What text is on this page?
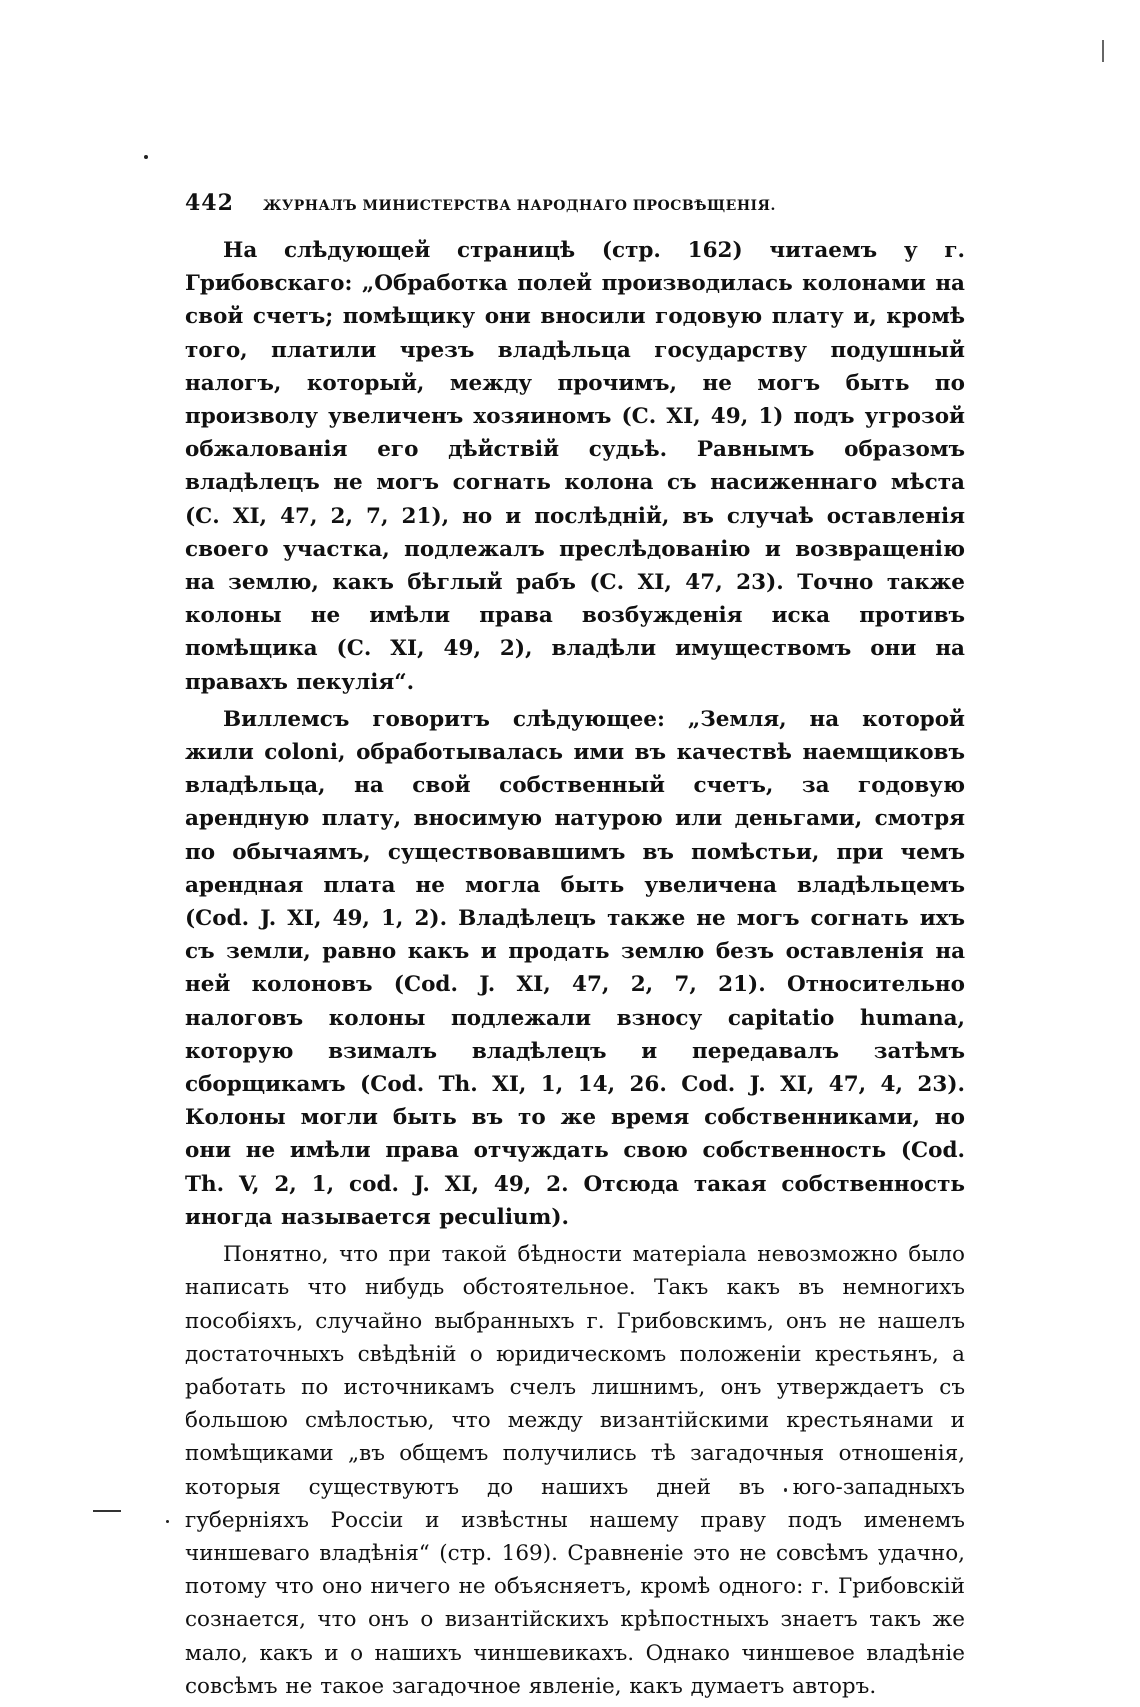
442	ЖУРНАЛЪ МИНИСТЕРСТВА НАРОДНАГО ПРОСВѢЩЕНІЯ.

На слѣдующей страницѣ (стр. 162) читаемъ у г. Грибовскаго: „Обработка полей производилась колонами на свой счетъ; помѣщику они вносили годовую плату и, кромѣ того, платили чрезъ владѣльца государству подушный налогъ, который, между прочимъ, не могъ быть по произволу увеличенъ хозяиномъ (С. XI, 49, 1) подъ угрозой обжалованія его дѣйствій судьѣ. Равнымъ образомъ владѣлецъ не могъ согнать колона съ насиженнаго мѣста (С. XI, 47, 2, 7, 21), но и послѣдній, въ случаѣ оставленія своего участка, подлежалъ преслѣдованію и возвращенію на землю, какъ бѣглый рабъ (С. XI, 47, 23). Точно также колоны не имѣли права возбужденія иска противъ помѣщика (С. XI, 49, 2), владѣли имуществомъ они на правахъ пекулія“.

Виллемсъ говоритъ слѣдующее: „Земля, на которой жили coloni, обработывалась ими въ качествѣ наемщиковъ владѣльца, на свой собственный счетъ, за годовую арендную плату, вносимую натурою или деньгами, смотря по обычаямъ, существовавшимъ въ помѣстьи, при чемъ арендная плата не могла быть увеличена владѣльцемъ (Cod. J. XI, 49, 1, 2). Владѣлецъ также не могъ согнать ихъ съ земли, равно какъ и продать землю безъ оставленія на ней колоновъ (Cod. J. XI, 47, 2, 7, 21). Относительно налоговъ колоны подлежали взносу capitatio humana, которую взималъ владѣлецъ и передавалъ затѣмъ сборщикамъ (Cod. Th. XI, 1, 14, 26. Cod. J. XI, 47, 4, 23). Колоны могли быть въ то же время собственниками, но они не имѣли права отчуждать свою собственность (Cod. Th. V, 2, 1, cod. J. XI, 49, 2. Отсюда такая собственность иногда называется peculium).

Понятно, что при такой бѣдности матеріала невозможно было написать что нибудь обстоятельное. Такъ какъ въ немногихъ пособіяхъ, случайно выбранныхъ г. Грибовскимъ, онъ не нашелъ достаточныхъ свѣдѣній о юридическомъ положеніи крестьянъ, а работать по источникамъ счелъ лишнимъ, онъ утверждаетъ съ большою смѣлостью, что между византійскими крестьянами и помѣщиками „въ общемъ получились тѣ загадочныя отношенія, которыя существуютъ до нашихъ дней въ юго-западныхъ губерніяхъ Россіи и извѣстны нашему праву подъ именемъ чиншеваго владѣнія“ (стр. 169). Сравненіе это не совсѣмъ удачно, потому что оно ничего не объясняетъ, кромѣ одного: г. Грибовскій сознается, что онъ о византійскихъ крѣпостныхъ знаетъ такъ же мало, какъ и о нашихъ чиншевикахъ. Однако чиншевое владѣніе совсѣмъ не такое загадочное явленіе, какъ думаетъ авторъ.
